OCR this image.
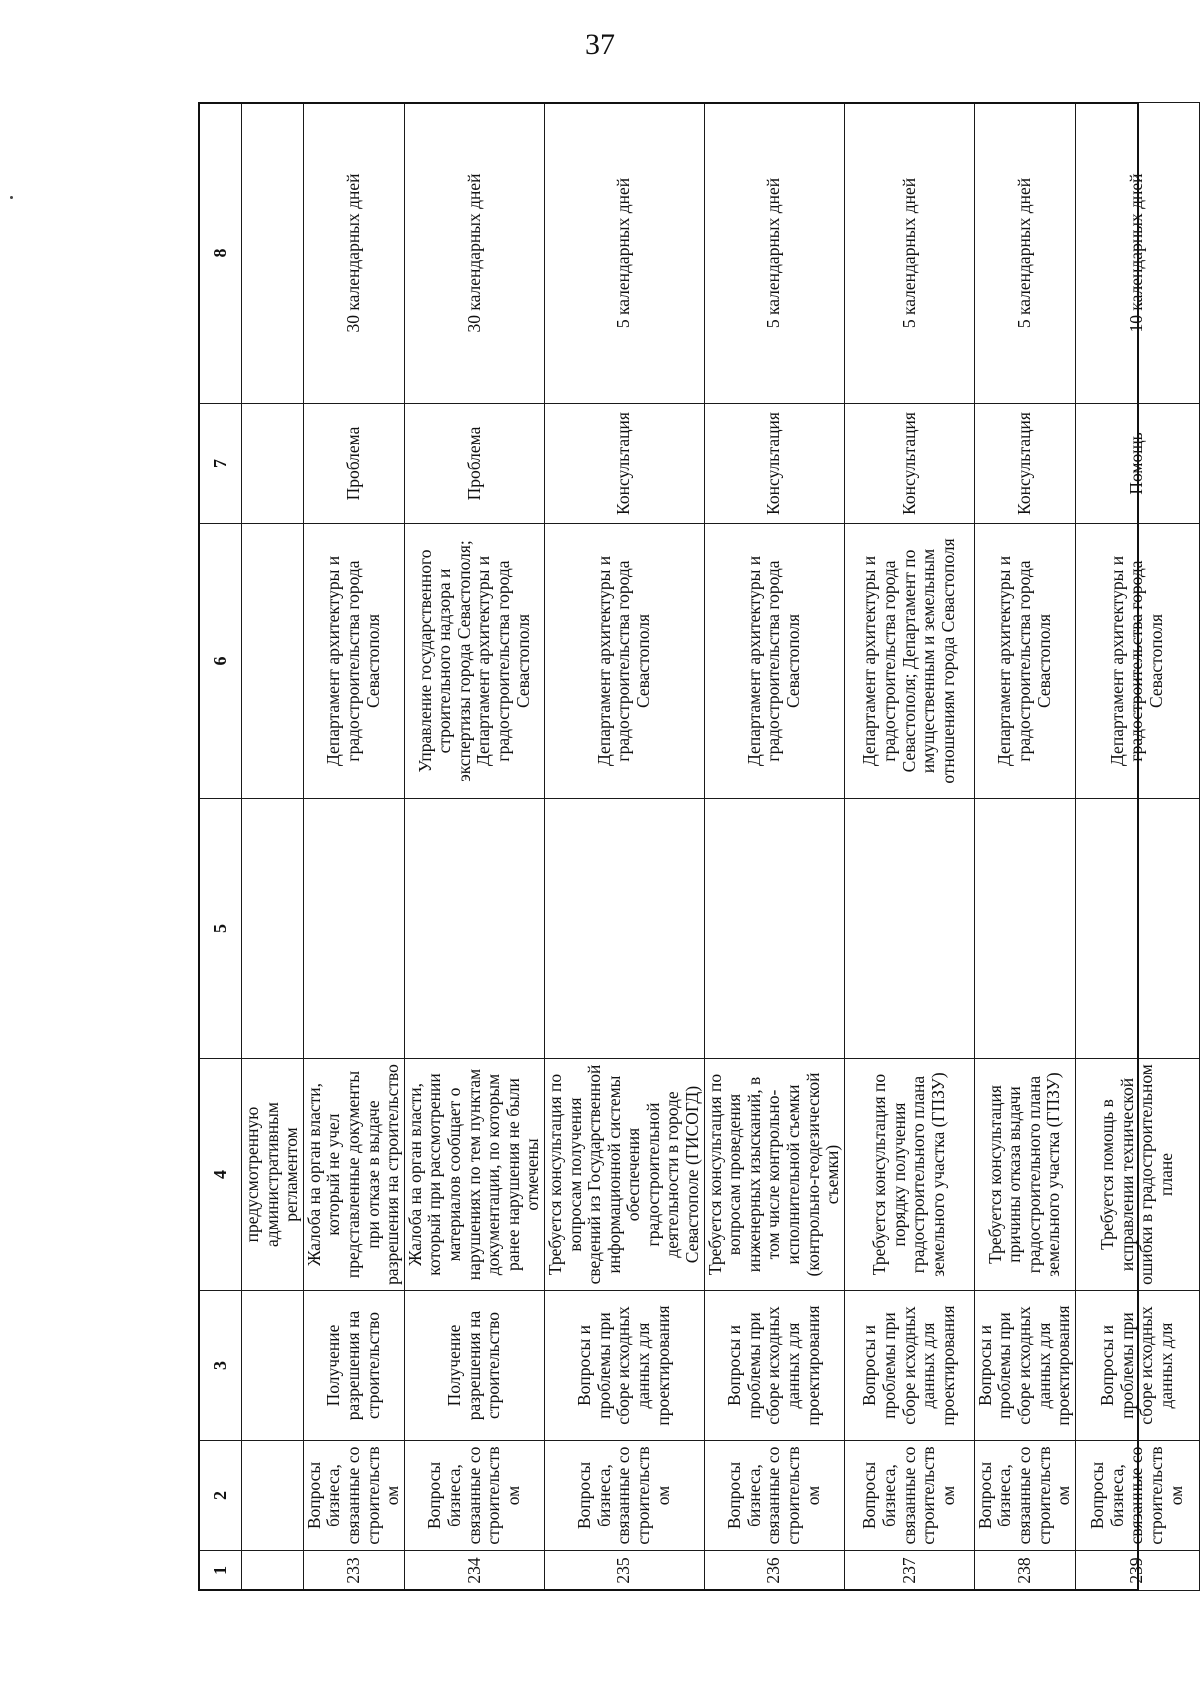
37
1	2	3	4	5	6	7	8
			предусмотренную административным регламентом				
233	Вопросы бизнеса, связанные со строительством	Получение разрешения на строительство	Жалоба на орган власти, который не учел представленные документы при отказе в выдаче разрешения на строительство		Департамент архитектуры и градостроительства города Севастополя	Проблема	30 календарных дней
234	Вопросы бизнеса, связанные со строительством	Получение разрешения на строительство	Жалоба на орган власти, который при рассмотрении материалов сообщает о нарушениях по тем пунктам документации, по которым ранее нарушения не были отмечены		Управление государственного строительного надзора и экспертизы города Севастополя; Департамент архитектуры и градостроительства города Севастополя	Проблема	30 календарных дней
235	Вопросы бизнеса, связанные со строительством	Вопросы и проблемы при сборе исходных данных для проектирования	Требуется консультация по вопросам получения сведений из Государственной информационной системы обеспечения градостроительной деятельности в городе Севастополе (ГИСОГД)		Департамент архитектуры и градостроительства города Севастополя	Консультация	5 календарных дней
236	Вопросы бизнеса, связанные со строительством	Вопросы и проблемы при сборе исходных данных для проектирования	Требуется консультация по вопросам проведения инженерных изысканий, в том числе контрольно-исполнительной съемки (контрольно-геодезической съемки)		Департамент архитектуры и градостроительства города Севастополя	Консультация	5 календарных дней
237	Вопросы бизнеса, связанные со строительством	Вопросы и проблемы при сборе исходных данных для проектирования	Требуется консультация по порядку получения градостроительного плана земельного участка (ГПЗУ)		Департамент архитектуры и градостроительства города Севастополя; Департамент по имущественным и земельным отношениям города Севастополя	Консультация	5 календарных дней
238	Вопросы бизнеса, связанные со строительством	Вопросы и проблемы при сборе исходных данных для проектирования	Требуется консультация причины отказа выдачи градостроительного плана земельного участка (ГПЗУ)		Департамент архитектуры и градостроительства города Севастополя	Консультация	5 календарных дней
239	Вопросы бизнеса, связанные со строительством	Вопросы и проблемы при сборе исходных данных для	Требуется помощь в исправлении технической ошибки в градостроительном плане		Департамент архитектуры и градостроительства города Севастополя	Помощь	10 календарных дней
